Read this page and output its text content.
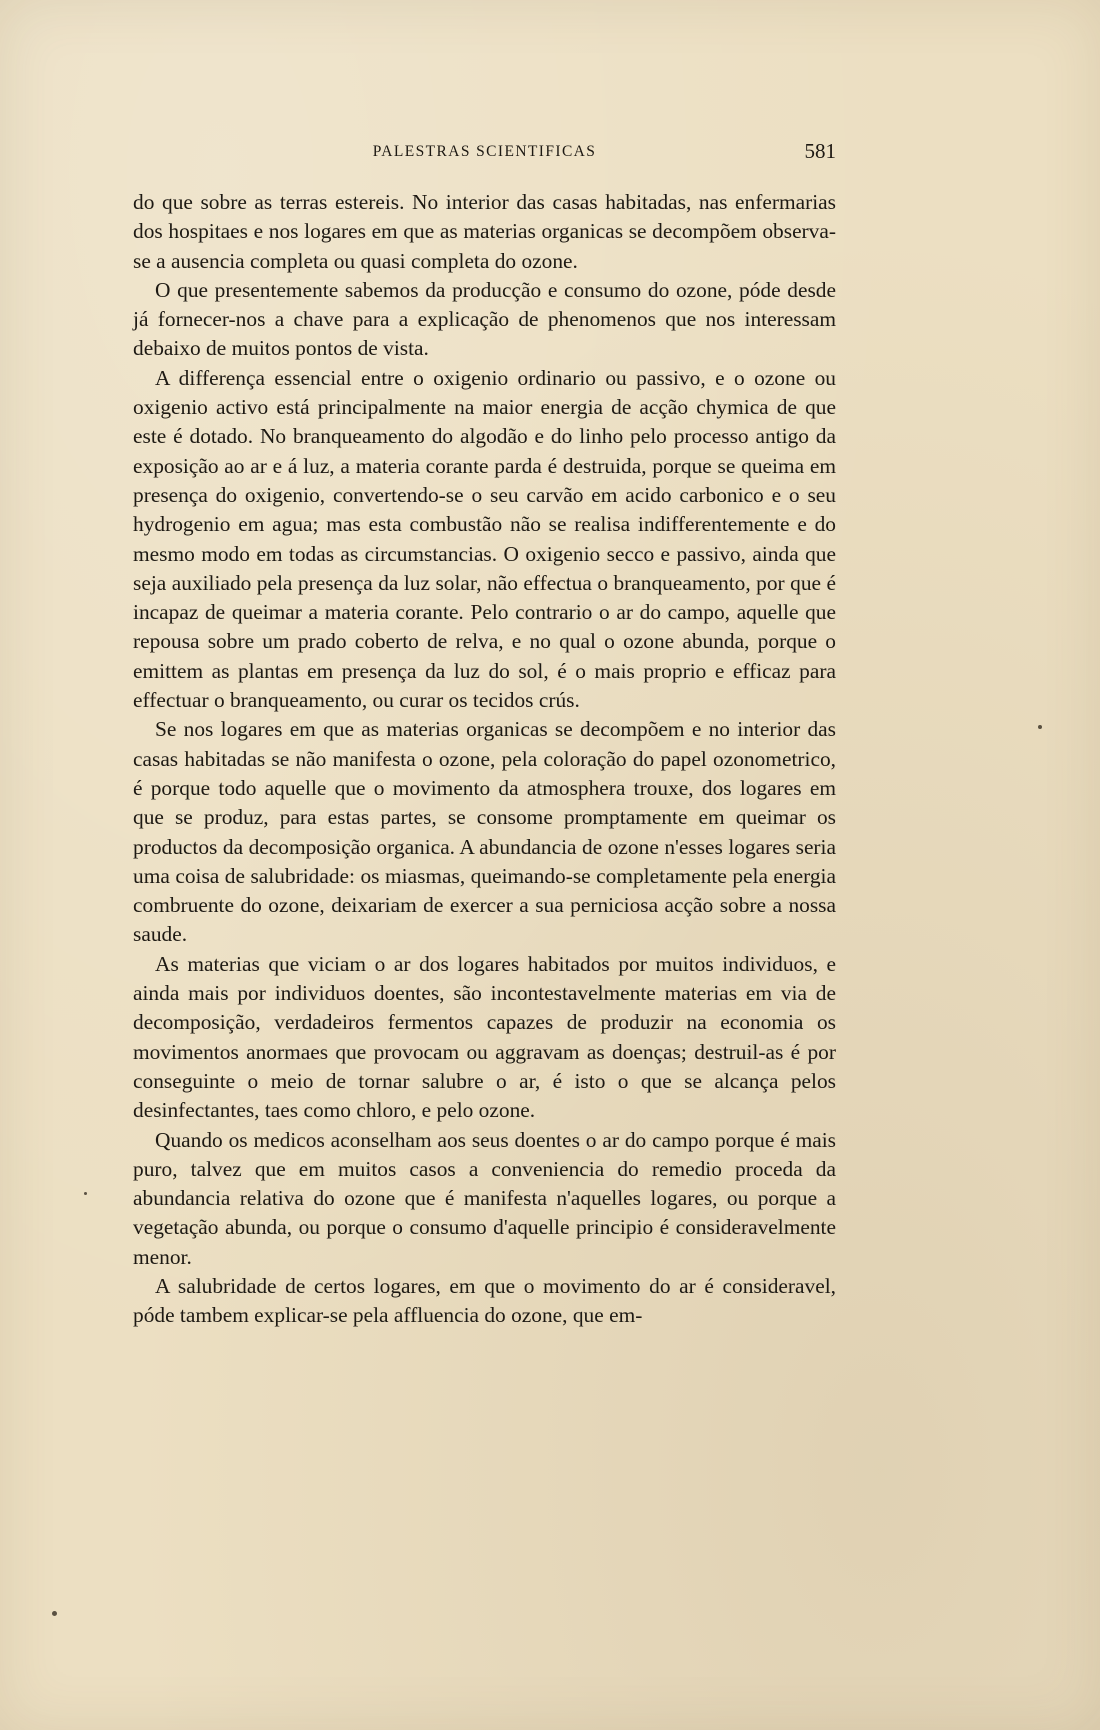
PALESTRAS SCIENTIFICAS	581

do que sobre as terras estereis. No interior das casas habitadas, nas enfermarias dos hospitaes e nos logares em que as materias organicas se decompõem observa-se a ausencia completa ou quasi completa do ozone.

O que presentemente sabemos da producção e consumo do ozone, póde desde já fornecer-nos a chave para a explicação de phenomenos que nos interessam debaixo de muitos pontos de vista.

A differença essencial entre o oxigenio ordinario ou passivo, e o ozone ou oxigenio activo está principalmente na maior energia de acção chymica de que este é dotado. No branqueamento do algodão e do linho pelo processo antigo da exposição ao ar e á luz, a materia corante parda é destruida, porque se queima em presença do oxigenio, convertendo-se o seu carvão em acido carbonico e o seu hydrogenio em agua; mas esta combustão não se realisa indifferentemente e do mesmo modo em todas as circumstancias. O oxigenio secco e passivo, ainda que seja auxiliado pela presença da luz solar, não effectua o branqueamento, por que é incapaz de queimar a materia corante. Pelo contrario o ar do campo, aquelle que repousa sobre um prado coberto de relva, e no qual o ozone abunda, porque o emittem as plantas em presença da luz do sol, é o mais proprio e efficaz para effectuar o branqueamento, ou curar os tecidos crús.

Se nos logares em que as materias organicas se decompõem e no interior das casas habitadas se não manifesta o ozone, pela coloração do papel ozonometrico, é porque todo aquelle que o movimento da atmosphera trouxe, dos logares em que se produz, para estas partes, se consome promptamente em queimar os productos da decomposição organica. A abundancia de ozone n'esses logares seria uma coisa de salubridade: os miasmas, queimando-se completamente pela energia combruente do ozone, deixariam de exercer a sua perniciosa acção sobre a nossa saude.

As materias que viciam o ar dos logares habitados por muitos individuos, e ainda mais por individuos doentes, são incontestavelmente materias em via de decomposição, verdadeiros fermentos capazes de produzir na economia os movimentos anormaes que provocam ou aggravam as doenças; destruil-as é por conseguinte o meio de tornar salubre o ar, é isto o que se alcança pelos desinfectantes, taes como chloro, e pelo ozone.

Quando os medicos aconselham aos seus doentes o ar do campo porque é mais puro, talvez que em muitos casos a conveniencia do remedio proceda da abundancia relativa do ozone que é manifesta n'aquelles logares, ou porque a vegetação abunda, ou porque o consumo d'aquelle principio é consideravelmente menor.

A salubridade de certos logares, em que o movimento do ar é consideravel, póde tambem explicar-se pela affluencia do ozone, que em-
